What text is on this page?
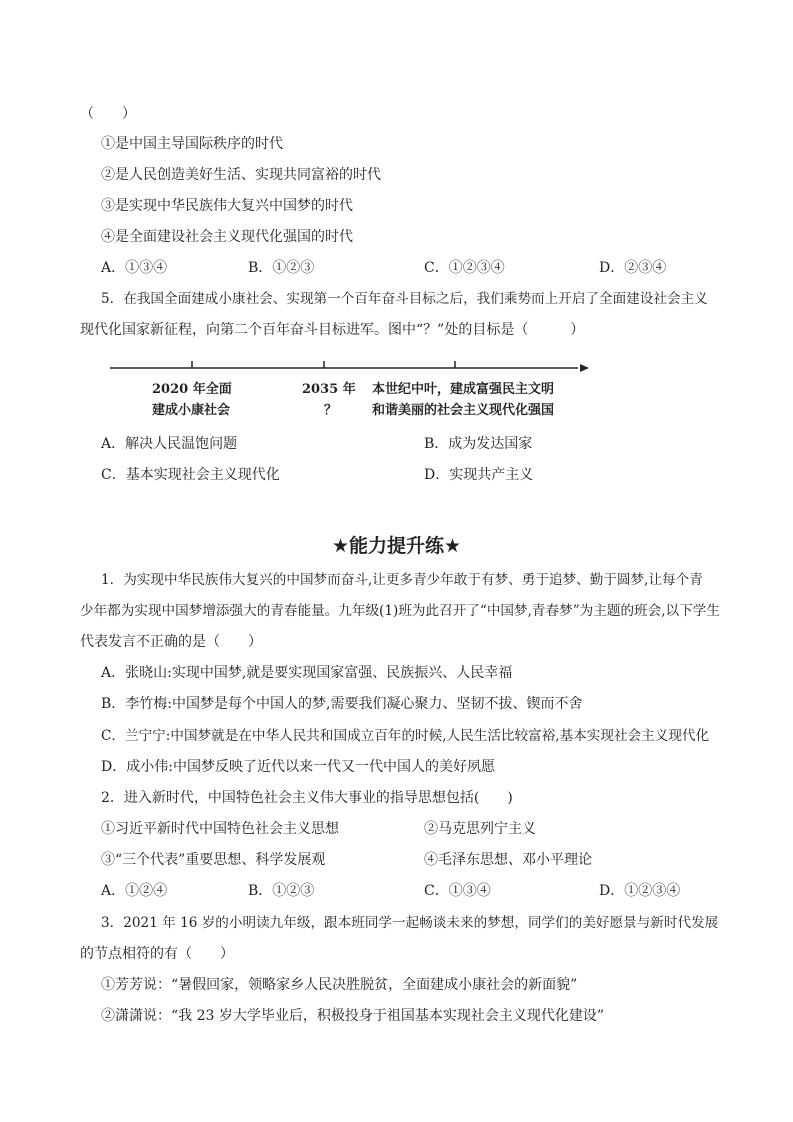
（　　）
①是中国主导国际秩序的时代
②是人民创造美好生活、实现共同富裕的时代
③是实现中华民族伟大复兴中国梦的时代
④是全面建设社会主义现代化强国的时代
A．①③④	B．①②③	C．①②③④	D．②③④
5．在我国全面建成小康社会、实现第一个百年奋斗目标之后，我们乘势而上开启了全面建设社会主义
现代化国家新征程，向第二个百年奋斗目标进军。图中“？”处的目标是（　　　）
2020 年全面
建成小康社会
2035 年
？
本世纪中叶，建成富强民主文明
和谐美丽的社会主义现代化强国
A．解决人民温饱问题	B．成为发达国家
C．基本实现社会主义现代化	D．实现共产主义
★能力提升练★
1．为实现中华民族伟大复兴的中国梦而奋斗,让更多青少年敢于有梦、勇于追梦、勤于圆梦,让每个青
少年都为实现中国梦增添强大的青春能量。九年级(1)班为此召开了“中国梦,青春梦”为主题的班会,以下学生
代表发言不正确的是（　　）
A．张晓山:实现中国梦,就是要实现国家富强、民族振兴、人民幸福
B．李竹梅:中国梦是每个中国人的梦,需要我们凝心聚力、坚韧不拔、锲而不舍
C．兰宁宁:中国梦就是在中华人民共和国成立百年的时候,人民生活比较富裕,基本实现社会主义现代化
D．成小伟:中国梦反映了近代以来一代又一代中国人的美好夙愿
2．进入新时代，中国特色社会主义伟大事业的指导思想包括(　　)
①习近平新时代中国特色社会主义思想	②马克思列宁主义
③“三个代表”重要思想、科学发展观	④毛泽东思想、邓小平理论
A．①②④	B．①②③	C．①③④	D．①②③④
3．2021 年 16 岁的小明读九年级，跟本班同学一起畅谈未来的梦想，同学们的美好愿景与新时代发展
的节点相符的有（　　）
①芳芳说：“暑假回家，领略家乡人民决胜脱贫，全面建成小康社会的新面貌”
②潇潇说：“我 23 岁大学毕业后，积极投身于祖国基本实现社会主义现代化建设”
